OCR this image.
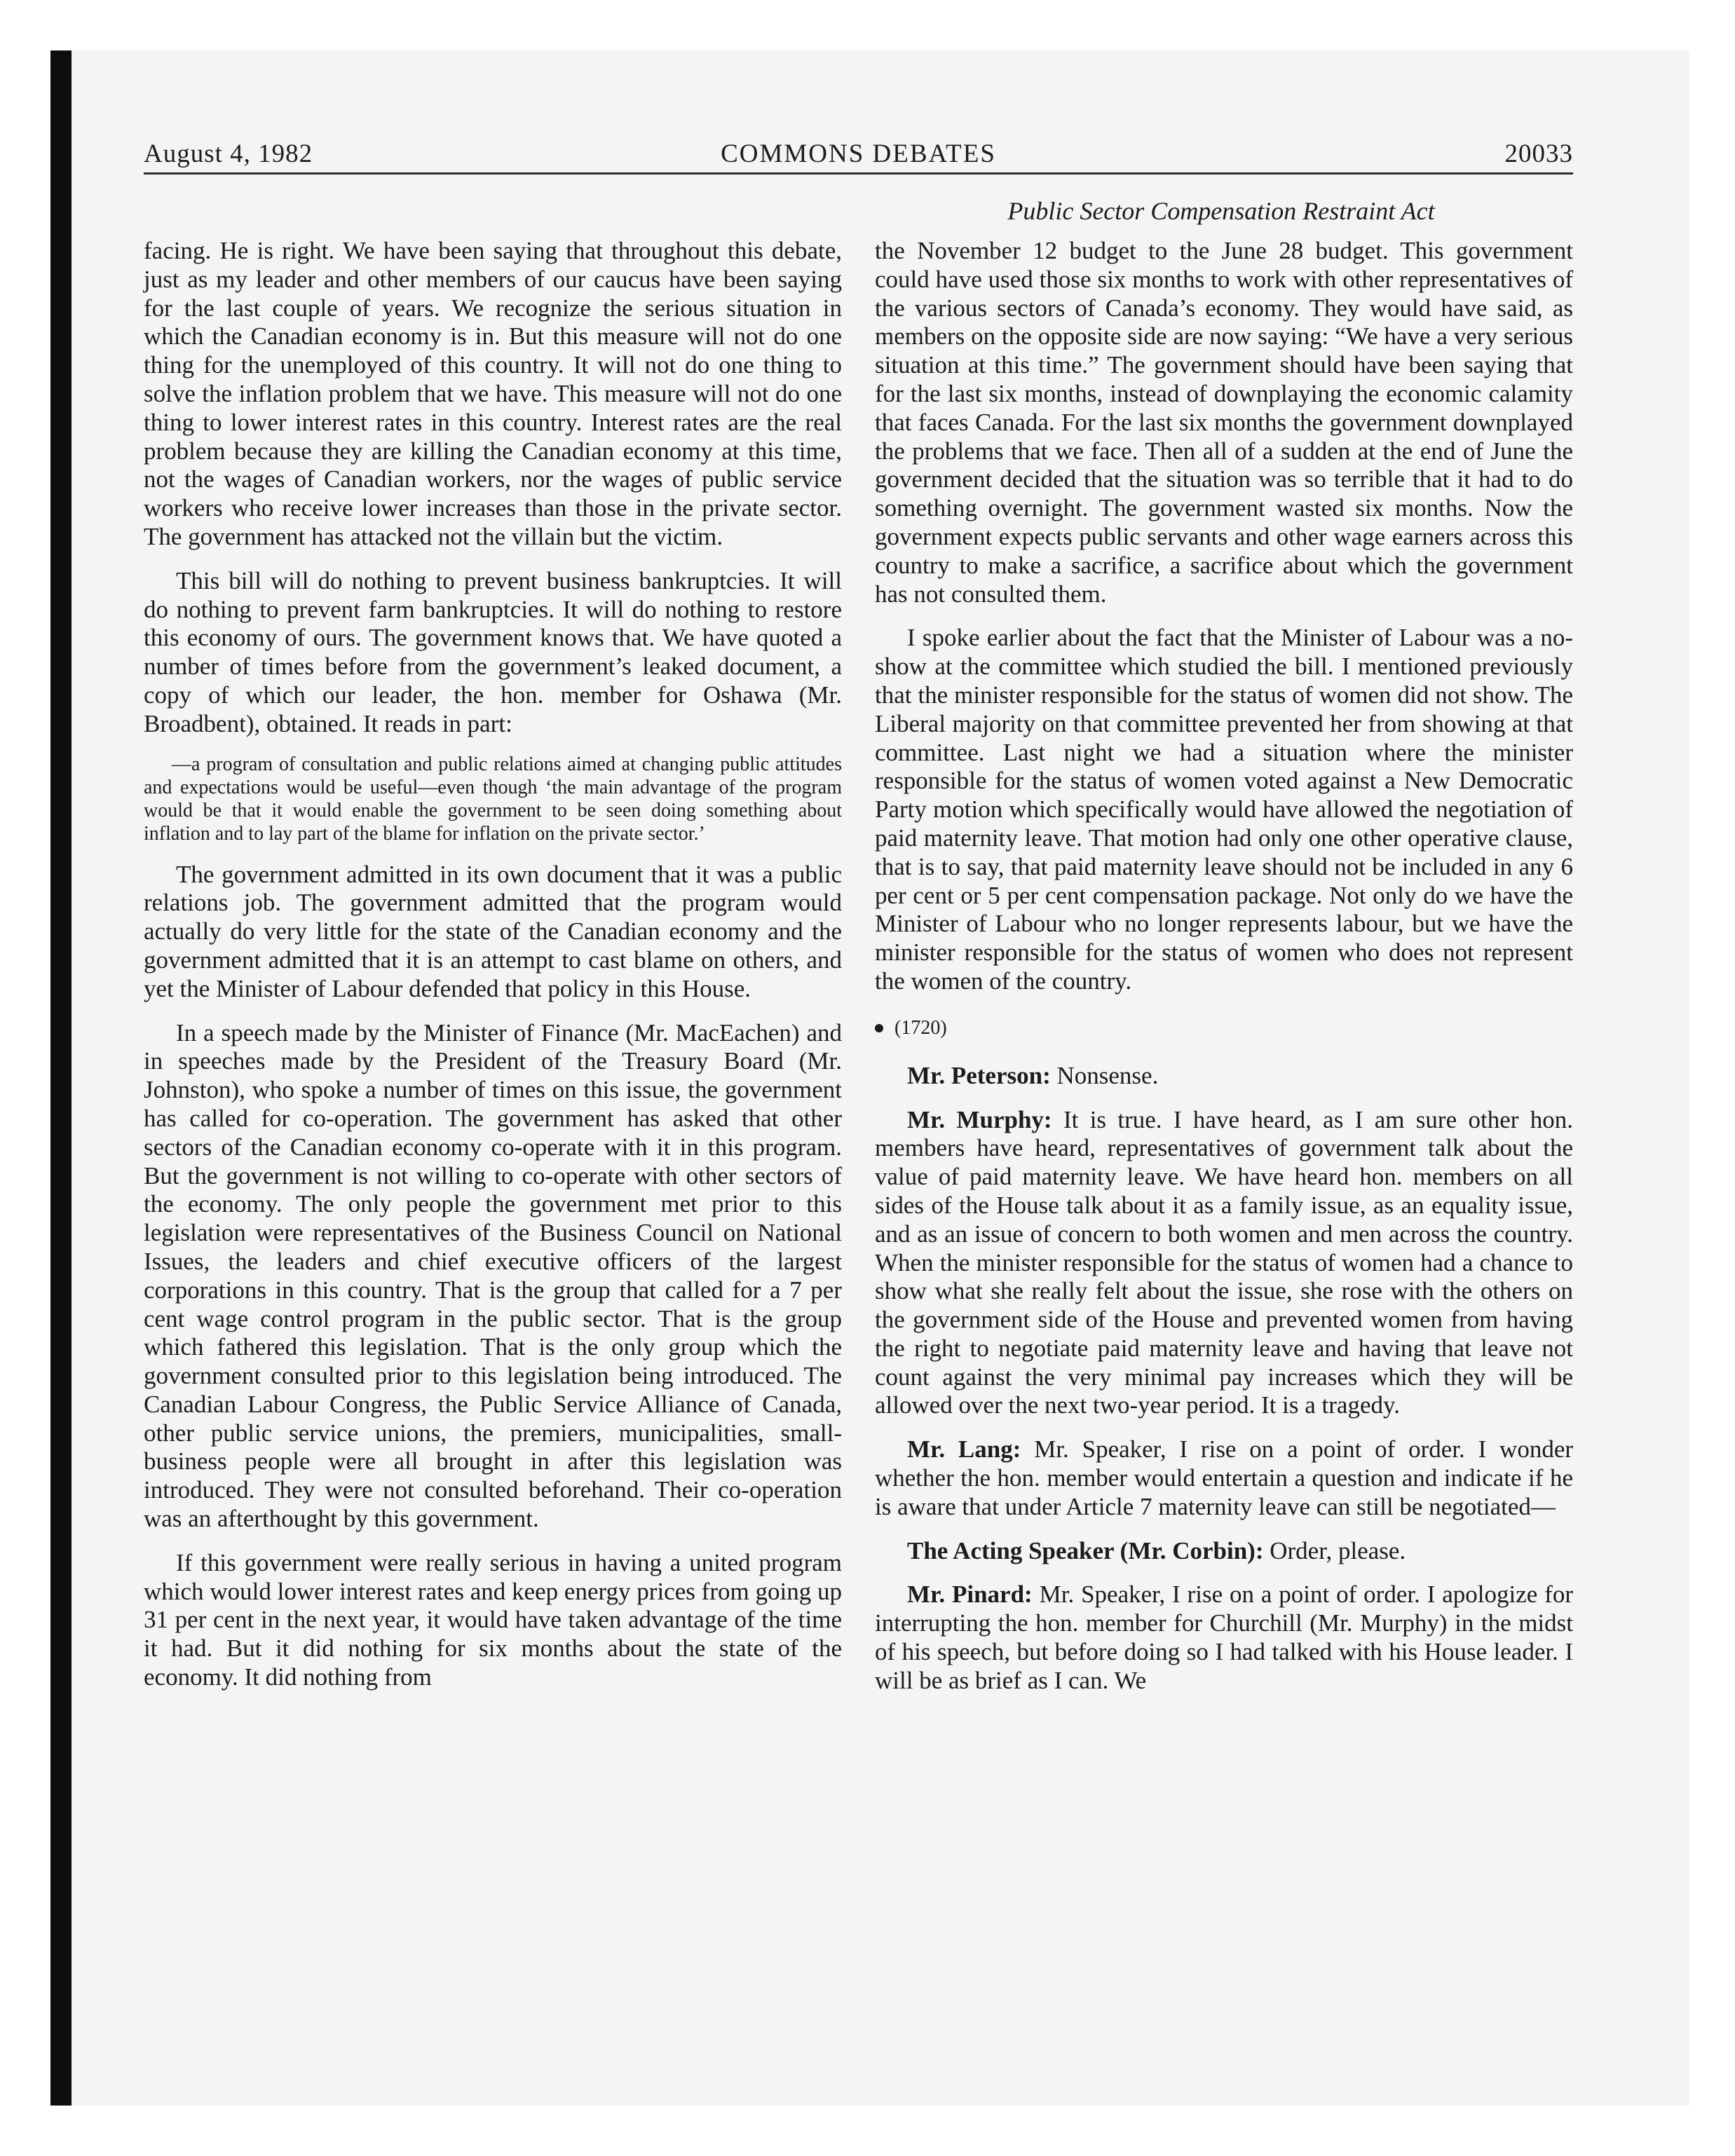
August 4, 1982	COMMONS DEBATES	20033
Public Sector Compensation Restraint Act

facing. He is right. We have been saying that throughout this debate, just as my leader and other members of our caucus have been saying for the last couple of years. We recognize the serious situation in which the Canadian economy is in. But this measure will not do one thing for the unemployed of this country. It will not do one thing to solve the inflation problem that we have. This measure will not do one thing to lower interest rates in this country. Interest rates are the real problem because they are killing the Canadian economy at this time, not the wages of Canadian workers, nor the wages of public service workers who receive lower increases than those in the private sector. The government has attacked not the villain but the victim.

This bill will do nothing to prevent business bankruptcies. It will do nothing to prevent farm bankruptcies. It will do nothing to restore this economy of ours. The government knows that. We have quoted a number of times before from the government’s leaked document, a copy of which our leader, the hon. member for Oshawa (Mr. Broadbent), obtained. It reads in part:

—a program of consultation and public relations aimed at changing public attitudes and expectations would be useful—even though ‘the main advantage of the program would be that it would enable the government to be seen doing something about inflation and to lay part of the blame for inflation on the private sector.’

The government admitted in its own document that it was a public relations job. The government admitted that the program would actually do very little for the state of the Canadian economy and the government admitted that it is an attempt to cast blame on others, and yet the Minister of Labour defended that policy in this House.

In a speech made by the Minister of Finance (Mr. MacEachen) and in speeches made by the President of the Treasury Board (Mr. Johnston), who spoke a number of times on this issue, the government has called for co-operation. The government has asked that other sectors of the Canadian economy co-operate with it in this program. But the government is not willing to co-operate with other sectors of the economy. The only people the government met prior to this legislation were representatives of the Business Council on National Issues, the leaders and chief executive officers of the largest corporations in this country. That is the group that called for a 7 per cent wage control program in the public sector. That is the group which fathered this legislation. That is the only group which the government consulted prior to this legislation being introduced. The Canadian Labour Congress, the Public Service Alliance of Canada, other public service unions, the premiers, municipalities, small-business people were all brought in after this legislation was introduced. They were not consulted beforehand. Their co-operation was an afterthought by this government.

If this government were really serious in having a united program which would lower interest rates and keep energy prices from going up 31 per cent in the next year, it would have taken advantage of the time it had. But it did nothing for six months about the state of the economy. It did nothing from

the November 12 budget to the June 28 budget. This government could have used those six months to work with other representatives of the various sectors of Canada’s economy. They would have said, as members on the opposite side are now saying: “We have a very serious situation at this time.” The government should have been saying that for the last six months, instead of downplaying the economic calamity that faces Canada. For the last six months the government downplayed the problems that we face. Then all of a sudden at the end of June the government decided that the situation was so terrible that it had to do something overnight. The government wasted six months. Now the government expects public servants and other wage earners across this country to make a sacrifice, a sacrifice about which the government has not consulted them.

I spoke earlier about the fact that the Minister of Labour was a no-show at the committee which studied the bill. I mentioned previously that the minister responsible for the status of women did not show. The Liberal majority on that committee prevented her from showing at that committee. Last night we had a situation where the minister responsible for the status of women voted against a New Democratic Party motion which specifically would have allowed the negotiation of paid maternity leave. That motion had only one other operative clause, that is to say, that paid maternity leave should not be included in any 6 per cent or 5 per cent compensation package. Not only do we have the Minister of Labour who no longer represents labour, but we have the minister responsible for the status of women who does not represent the women of the country.

(1720)

Mr. Peterson: Nonsense.

Mr. Murphy: It is true. I have heard, as I am sure other hon. members have heard, representatives of government talk about the value of paid maternity leave. We have heard hon. members on all sides of the House talk about it as a family issue, as an equality issue, and as an issue of concern to both women and men across the country. When the minister responsible for the status of women had a chance to show what she really felt about the issue, she rose with the others on the government side of the House and prevented women from having the right to negotiate paid maternity leave and having that leave not count against the very minimal pay increases which they will be allowed over the next two-year period. It is a tragedy.

Mr. Lang: Mr. Speaker, I rise on a point of order. I wonder whether the hon. member would entertain a question and indicate if he is aware that under Article 7 maternity leave can still be negotiated—

The Acting Speaker (Mr. Corbin): Order, please.

Mr. Pinard: Mr. Speaker, I rise on a point of order. I apologize for interrupting the hon. member for Churchill (Mr. Murphy) in the midst of his speech, but before doing so I had talked with his House leader. I will be as brief as I can. We
